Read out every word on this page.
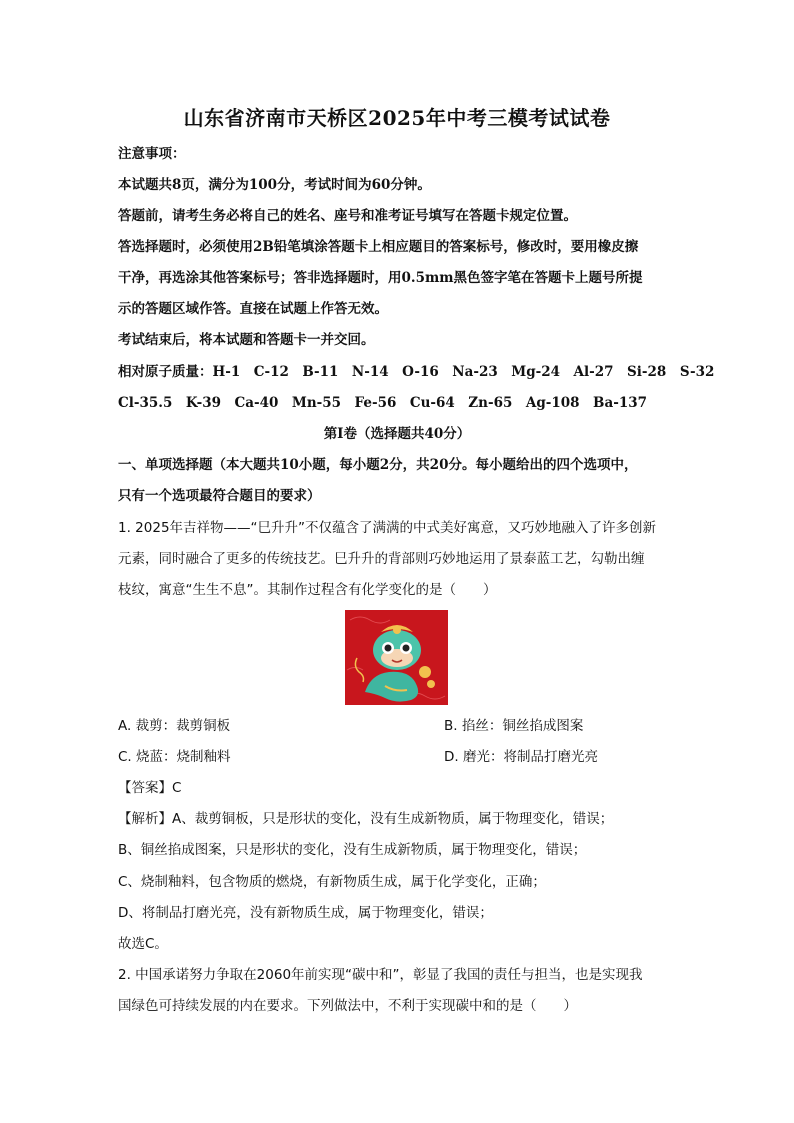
山东省济南市天桥区2025年中考三模考试试卷
注意事项：
本试题共8页，满分为100分，考试时间为60分钟。
答题前，请考生务必将自己的姓名、座号和准考证号填写在答题卡规定位置。
答选择题时，必须使用2B铅笔填涂答题卡上相应题目的答案标号，修改时，要用橡皮擦
干净，再选涂其他答案标号；答非选择题时，用0.5mm黑色签字笔在答题卡上题号所提
示的答题区域作答。直接在试题上作答无效。
考试结束后，将本试题和答题卡一并交回。
相对原子质量：H-1　C-12　B-11　N-14　O-16　Na-23　Mg-24　Al-27　Si-28　S-32
Cl-35.5　K-39　Ca-40　Mn-55　Fe-56　Cu-64　Zn-65　Ag-108　Ba-137
第Ⅰ卷（选择题共40分）
一、单项选择题（本大题共10小题，每小题2分，共20分。每小题给出的四个选项中，
只有一个选项最符合题目的要求）
1. 2025年吉祥物——“巳升升”不仅蕴含了满满的中式美好寓意，又巧妙地融入了许多创新
元素，同时融合了更多的传统技艺。巳升升的背部则巧妙地运用了景泰蓝工艺，勾勒出缠
枝纹，寓意“生生不息”。其制作过程含有化学变化的是（　　）
A. 裁剪：裁剪铜板	B. 掐丝：铜丝掐成图案
C. 烧蓝：烧制釉料	D. 磨光：将制品打磨光亮
【答案】C
【解析】A、裁剪铜板，只是形状的变化，没有生成新物质，属于物理变化，错误；
B、铜丝掐成图案，只是形状的变化，没有生成新物质，属于物理变化，错误；
C、烧制釉料，包含物质的燃烧，有新物质生成，属于化学变化，正确；
D、将制品打磨光亮，没有新物质生成，属于物理变化，错误；
故选C。
2. 中国承诺努力争取在2060年前实现“碳中和”，彰显了我国的责任与担当，也是实现我
国绿色可持续发展的内在要求。下列做法中，不利于实现碳中和的是（　　）
